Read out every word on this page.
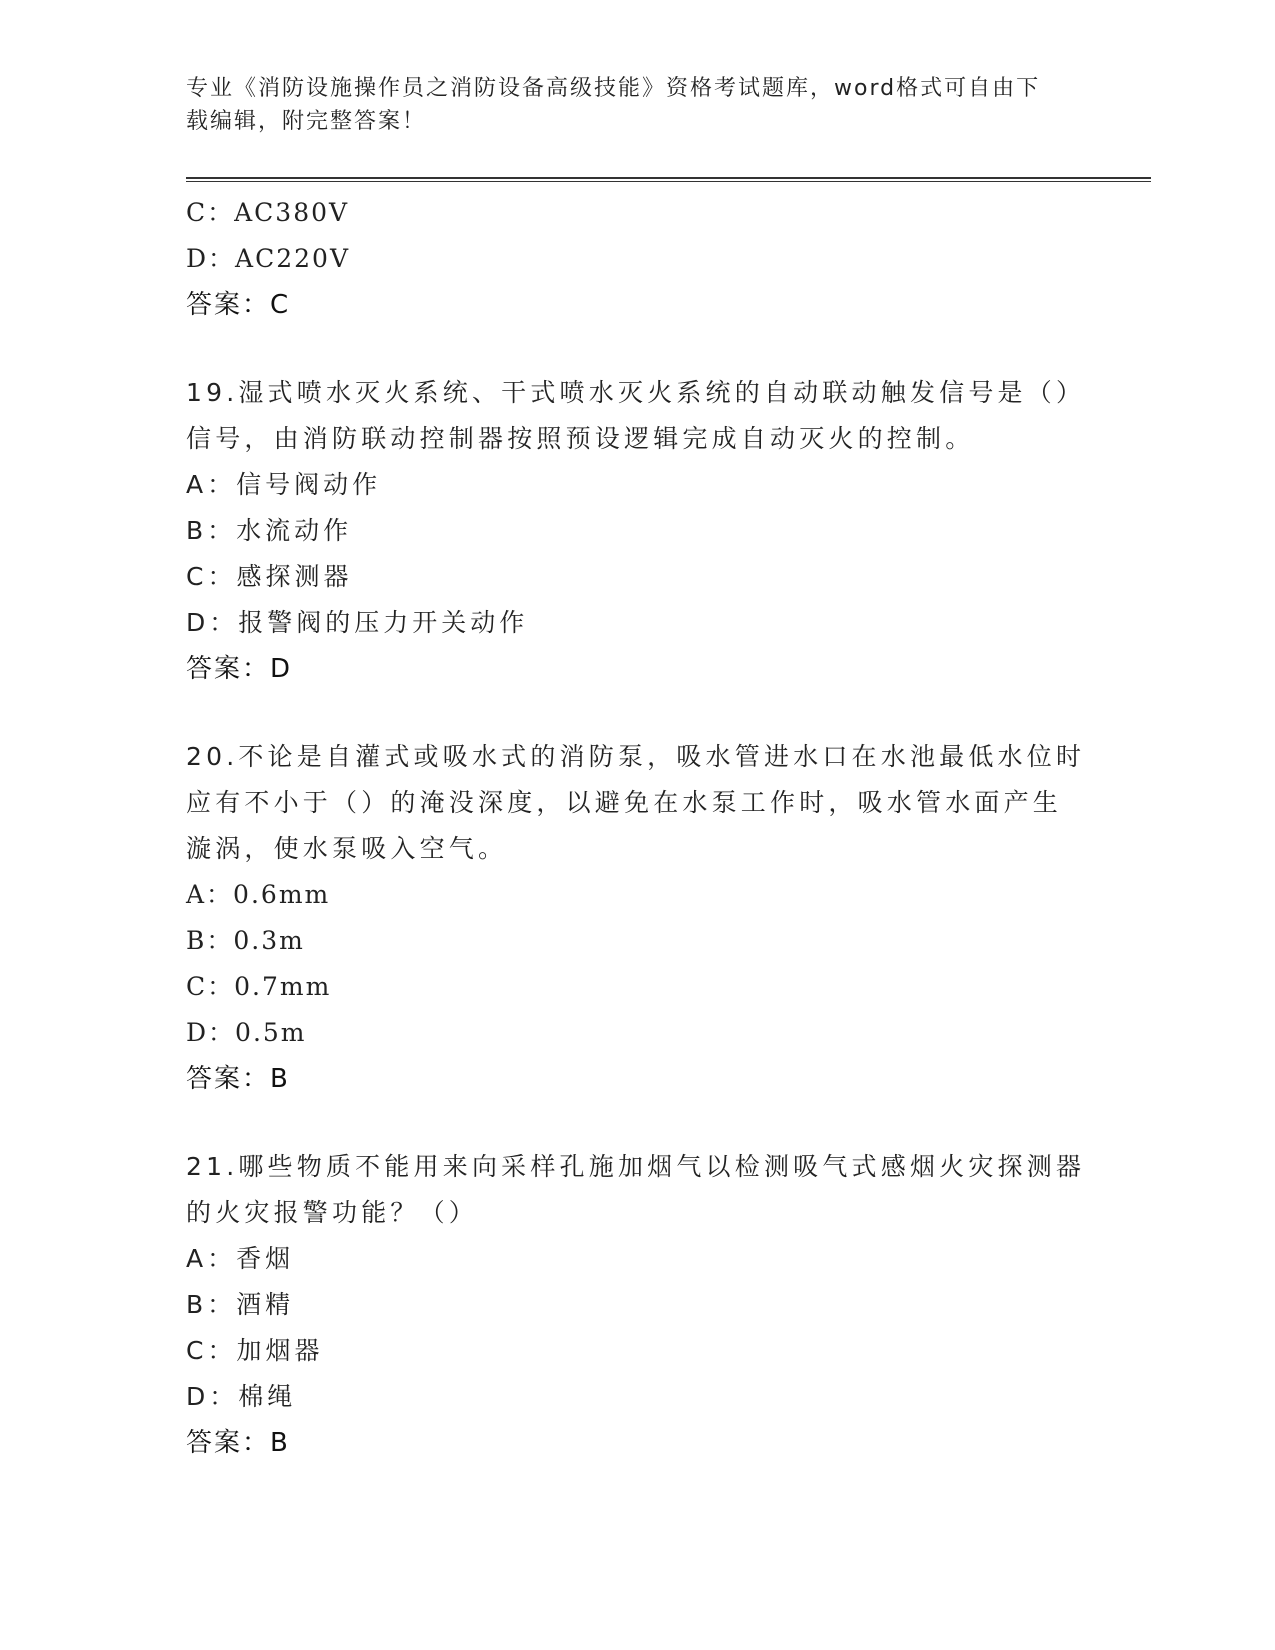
专业《消防设施操作员之消防设备高级技能》资格考试题库，word格式可自由下
载编辑，附完整答案！
C：AC380V
D：AC220V
答案：C
19.湿式喷水灭火系统、干式喷水灭火系统的自动联动触发信号是（）
信号，由消防联动控制器按照预设逻辑完成自动灭火的控制。
A：信号阀动作
B：水流动作
C：感探测器
D：报警阀的压力开关动作
答案：D
20.不论是自灌式或吸水式的消防泵，吸水管进水口在水池最低水位时
应有不小于（）的淹没深度，以避免在水泵工作时，吸水管水面产生
漩涡，使水泵吸入空气。
A：0.6mm
B：0.3m
C：0.7mm
D：0.5m
答案：B
21.哪些物质不能用来向采样孔施加烟气以检测吸气式感烟火灾探测器
的火灾报警功能？（）
A：香烟
B：酒精
C：加烟器
D：棉绳
答案：B
